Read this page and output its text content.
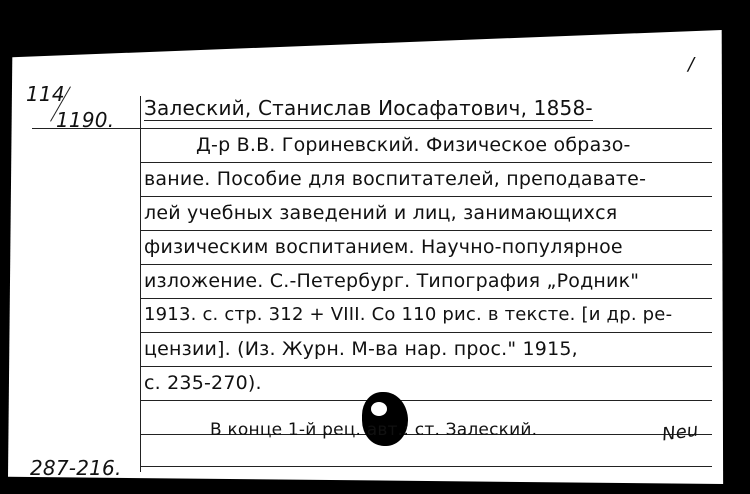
114
1190. Залеский, Станислав Иосафатович, 1858-
Д-р В.В. Гориневский. Физическое образо-
вание. Пособие для воспитателей, преподавате-
лей учебных заведений и лиц, занимающихся
физическим воспитанием. Научно-популярное
изложение. С.-Петербург. Типография „Родник"
1913. с. стр. 312 + VIII. Со 110 рис. в тексте. [и др. ре-
цензии]. (Из. Журн. М-ва нар. прос." 1915,
с. 235-270).
В конце 1-й рец. авт.: ст. Залеский.
/
287-216.
Neu
